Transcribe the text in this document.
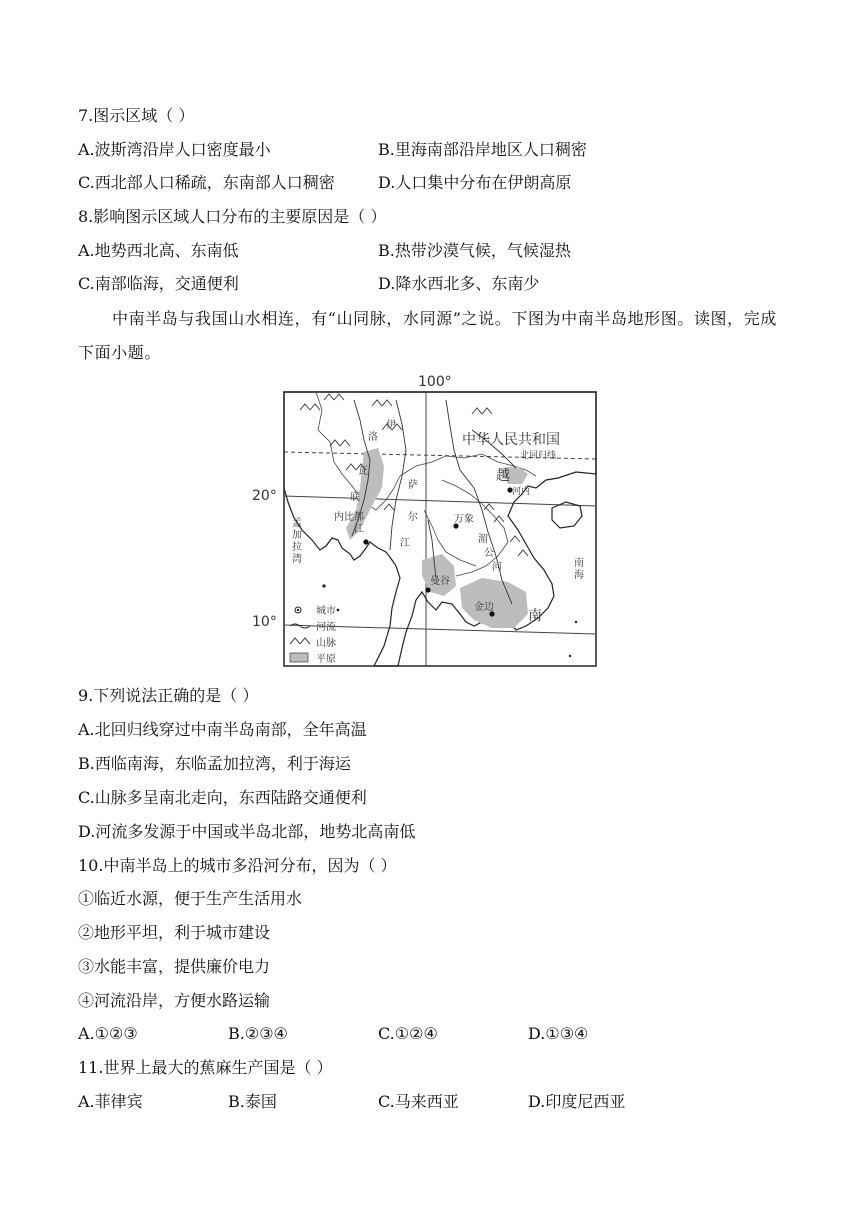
7.图示区域（ ）
A.波斯湾沿岸人口密度最小	B.里海南部沿岸地区人口稠密
C.西北部人口稀疏，东南部人口稠密	D.人口集中分布在伊朗高原
8.影响图示区域人口分布的主要原因是（ ）
A.地势西北高、东南低	B.热带沙漠气候，气候湿热
C.南部临海，交通便利	D.降水西北多、东南少
中南半岛与我国山水相连，有“山同脉，水同源”之说。下图为中南半岛地形图。读图，完成下面小题。
100°
20°
10°
中华人民共和国
北回归线
越
南
河内
万象
内比都
曼谷
金边
伊
洛
瓦
底
江
萨
尔
江	湄
公
河
孟
加
拉
湾	南
海
城市
河流
山脉
平原
9.下列说法正确的是（ ）
A.北回归线穿过中南半岛南部，全年高温
B.西临南海，东临孟加拉湾，利于海运
C.山脉多呈南北走向，东西陆路交通便利
D.河流多发源于中国或半岛北部，地势北高南低
10.中南半岛上的城市多沿河分布，因为（ ）
①临近水源，便于生产生活用水
②地形平坦，利于城市建设
③水能丰富，提供廉价电力
④河流沿岸，方便水路运输
A.①②③	B.②③④	C.①②④	D.①③④
11.世界上最大的蕉麻生产国是（ ）
A.菲律宾	B.泰国	C.马来西亚	D.印度尼西亚
